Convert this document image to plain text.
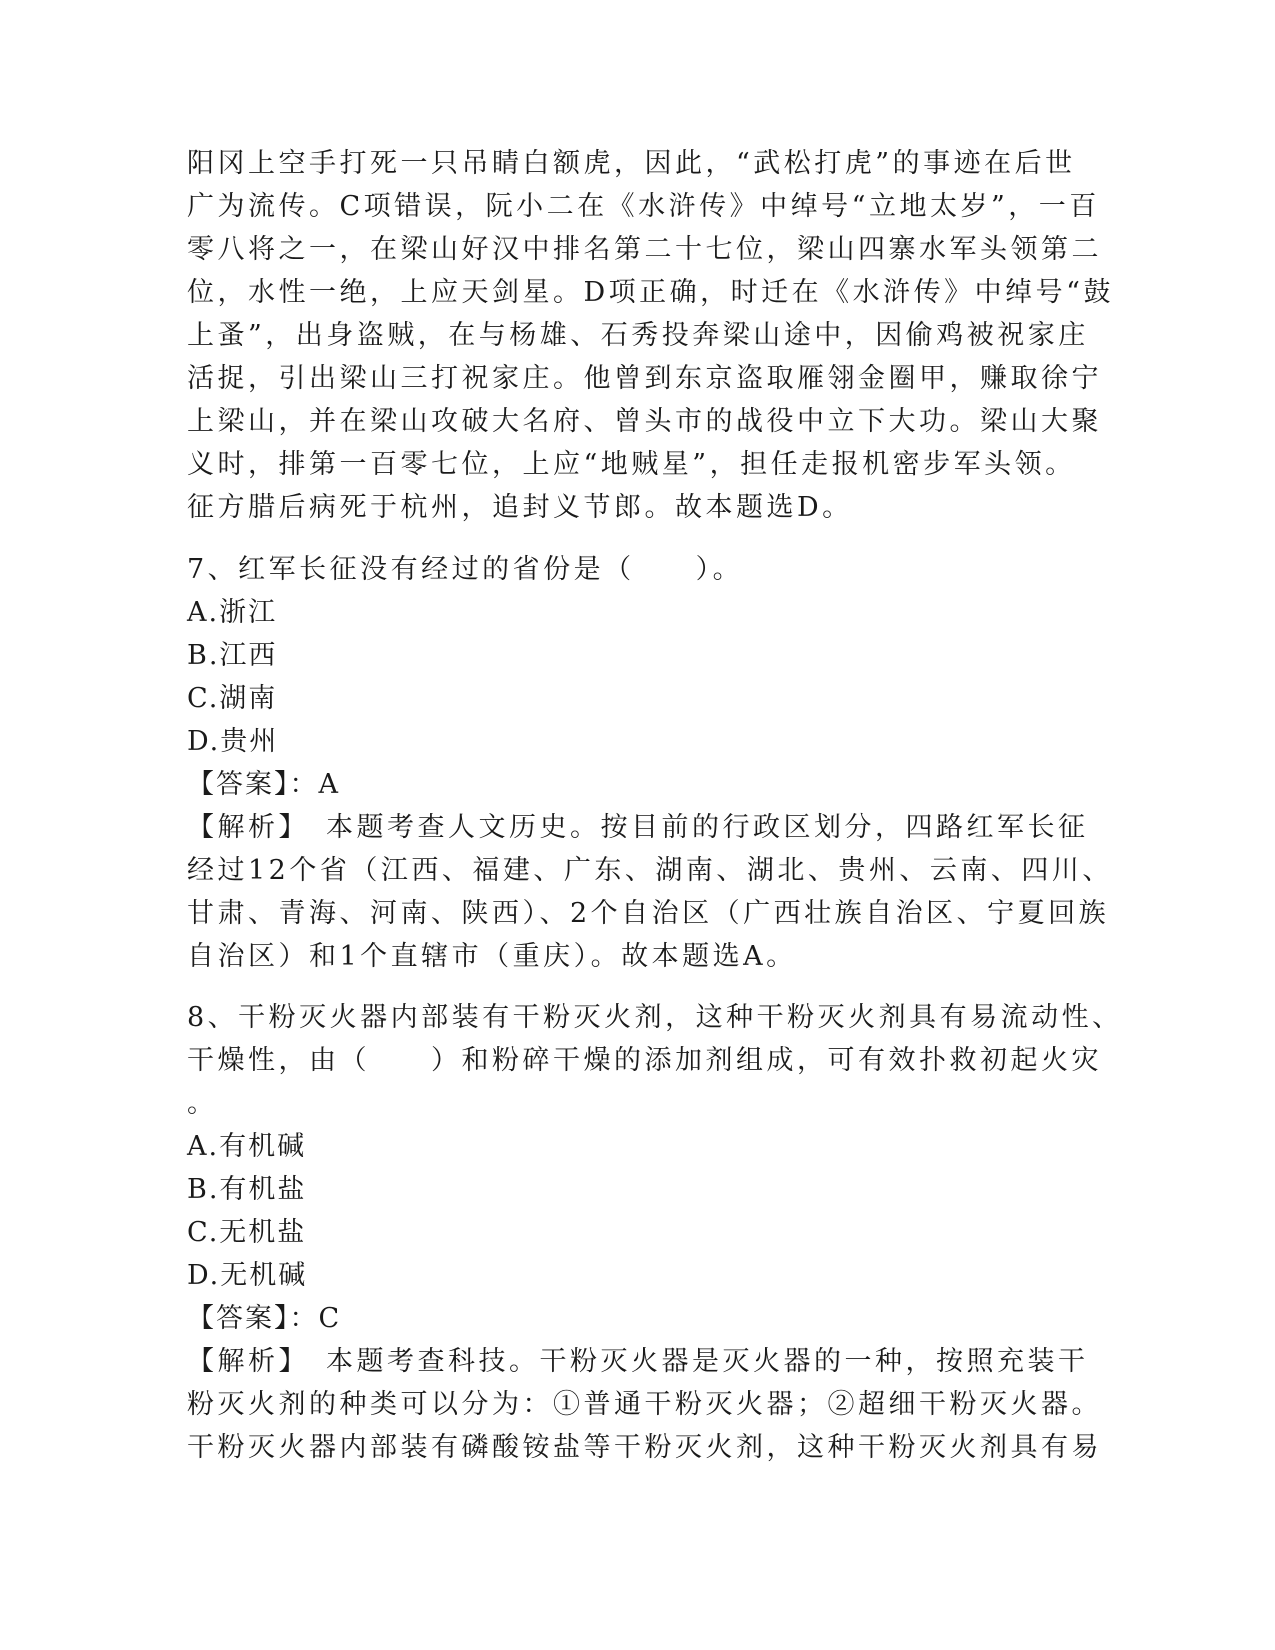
阳冈上空手打死一只吊睛白额虎，因此，“武松打虎”的事迹在后世
广为流传。C项错误，阮小二在《水浒传》中绰号“立地太岁”，一百
零八将之一，在梁山好汉中排名第二十七位，梁山四寨水军头领第二
位，水性一绝，上应天剑星。D项正确，时迁在《水浒传》中绰号“鼓
上蚤”，出身盗贼，在与杨雄、石秀投奔梁山途中，因偷鸡被祝家庄
活捉，引出梁山三打祝家庄。他曾到东京盗取雁翎金圈甲，赚取徐宁
上梁山，并在梁山攻破大名府、曾头市的战役中立下大功。梁山大聚
义时，排第一百零七位，上应“地贼星”，担任走报机密步军头领。
征方腊后病死于杭州，追封义节郎。故本题选D。
7、红军长征没有经过的省份是（　　）。
A.浙江
B.江西
C.湖南
D.贵州
【答案】：A
【解析】　本题考查人文历史。按目前的行政区划分，四路红军长征
经过12个省（江西、福建、广东、湖南、湖北、贵州、云南、四川、
甘肃、青海、河南、陕西）、2个自治区（广西壮族自治区、宁夏回族
自治区）和1个直辖市（重庆）。故本题选A。
8、干粉灭火器内部装有干粉灭火剂，这种干粉灭火剂具有易流动性、
干燥性，由（　　）和粉碎干燥的添加剂组成，可有效扑救初起火灾
。
A.有机碱
B.有机盐
C.无机盐
D.无机碱
【答案】：C
【解析】　本题考查科技。干粉灭火器是灭火器的一种，按照充装干
粉灭火剂的种类可以分为：①普通干粉灭火器；②超细干粉灭火器。
干粉灭火器内部装有磷酸铵盐等干粉灭火剂，这种干粉灭火剂具有易
